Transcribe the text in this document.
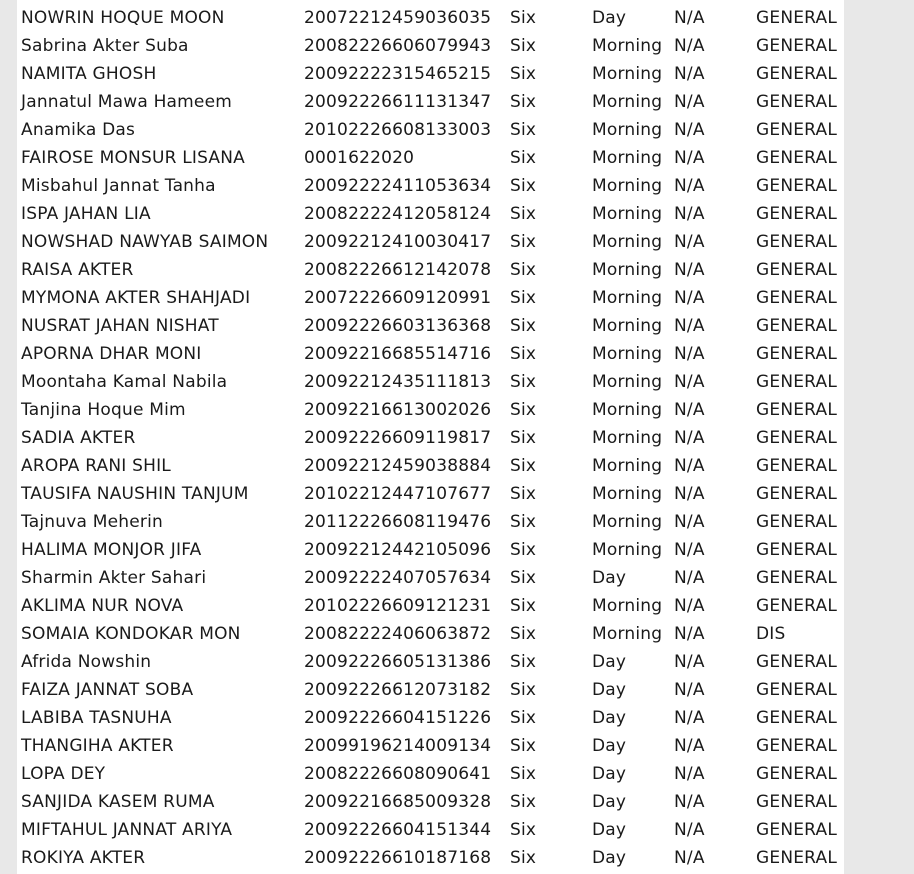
NOWRIN HOQUE MOON	20072212459036035	Six	Day	N/A	GENERAL
Sabrina Akter Suba	20082226606079943	Six	Morning	N/A	GENERAL
NAMITA GHOSH	20092222315465215	Six	Morning	N/A	GENERAL
Jannatul Mawa Hameem	20092226611131347	Six	Morning	N/A	GENERAL
Anamika Das	20102226608133003	Six	Morning	N/A	GENERAL
FAIROSE MONSUR LISANA	0001622020	Six	Morning	N/A	GENERAL
Misbahul Jannat Tanha	20092222411053634	Six	Morning	N/A	GENERAL
ISPA JAHAN LIA	20082222412058124	Six	Morning	N/A	GENERAL
NOWSHAD NAWYAB SAIMON	20092212410030417	Six	Morning	N/A	GENERAL
RAISA AKTER	20082226612142078	Six	Morning	N/A	GENERAL
MYMONA AKTER SHAHJADI	20072226609120991	Six	Morning	N/A	GENERAL
NUSRAT JAHAN NISHAT	20092226603136368	Six	Morning	N/A	GENERAL
APORNA DHAR MONI	20092216685514716	Six	Morning	N/A	GENERAL
Moontaha Kamal Nabila	20092212435111813	Six	Morning	N/A	GENERAL
Tanjina Hoque Mim	20092216613002026	Six	Morning	N/A	GENERAL
SADIA AKTER	20092226609119817	Six	Morning	N/A	GENERAL
AROPA RANI SHIL	20092212459038884	Six	Morning	N/A	GENERAL
TAUSIFA NAUSHIN TANJUM	20102212447107677	Six	Morning	N/A	GENERAL
Tajnuva Meherin	20112226608119476	Six	Morning	N/A	GENERAL
HALIMA MONJOR JIFA	20092212442105096	Six	Morning	N/A	GENERAL
Sharmin Akter Sahari	20092222407057634	Six	Day	N/A	GENERAL
AKLIMA NUR NOVA	20102226609121231	Six	Morning	N/A	GENERAL
SOMAIA KONDOKAR MON	20082222406063872	Six	Morning	N/A	DIS
Afrida Nowshin	20092226605131386	Six	Day	N/A	GENERAL
FAIZA JANNAT SOBA	20092226612073182	Six	Day	N/A	GENERAL
LABIBA TASNUHA	20092226604151226	Six	Day	N/A	GENERAL
THANGIHA AKTER	20099196214009134	Six	Day	N/A	GENERAL
LOPA DEY	20082226608090641	Six	Day	N/A	GENERAL
SANJIDA KASEM RUMA	20092216685009328	Six	Day	N/A	GENERAL
MIFTAHUL JANNAT ARIYA	20092226604151344	Six	Day	N/A	GENERAL
ROKIYA AKTER	20092226610187168	Six	Day	N/A	GENERAL
